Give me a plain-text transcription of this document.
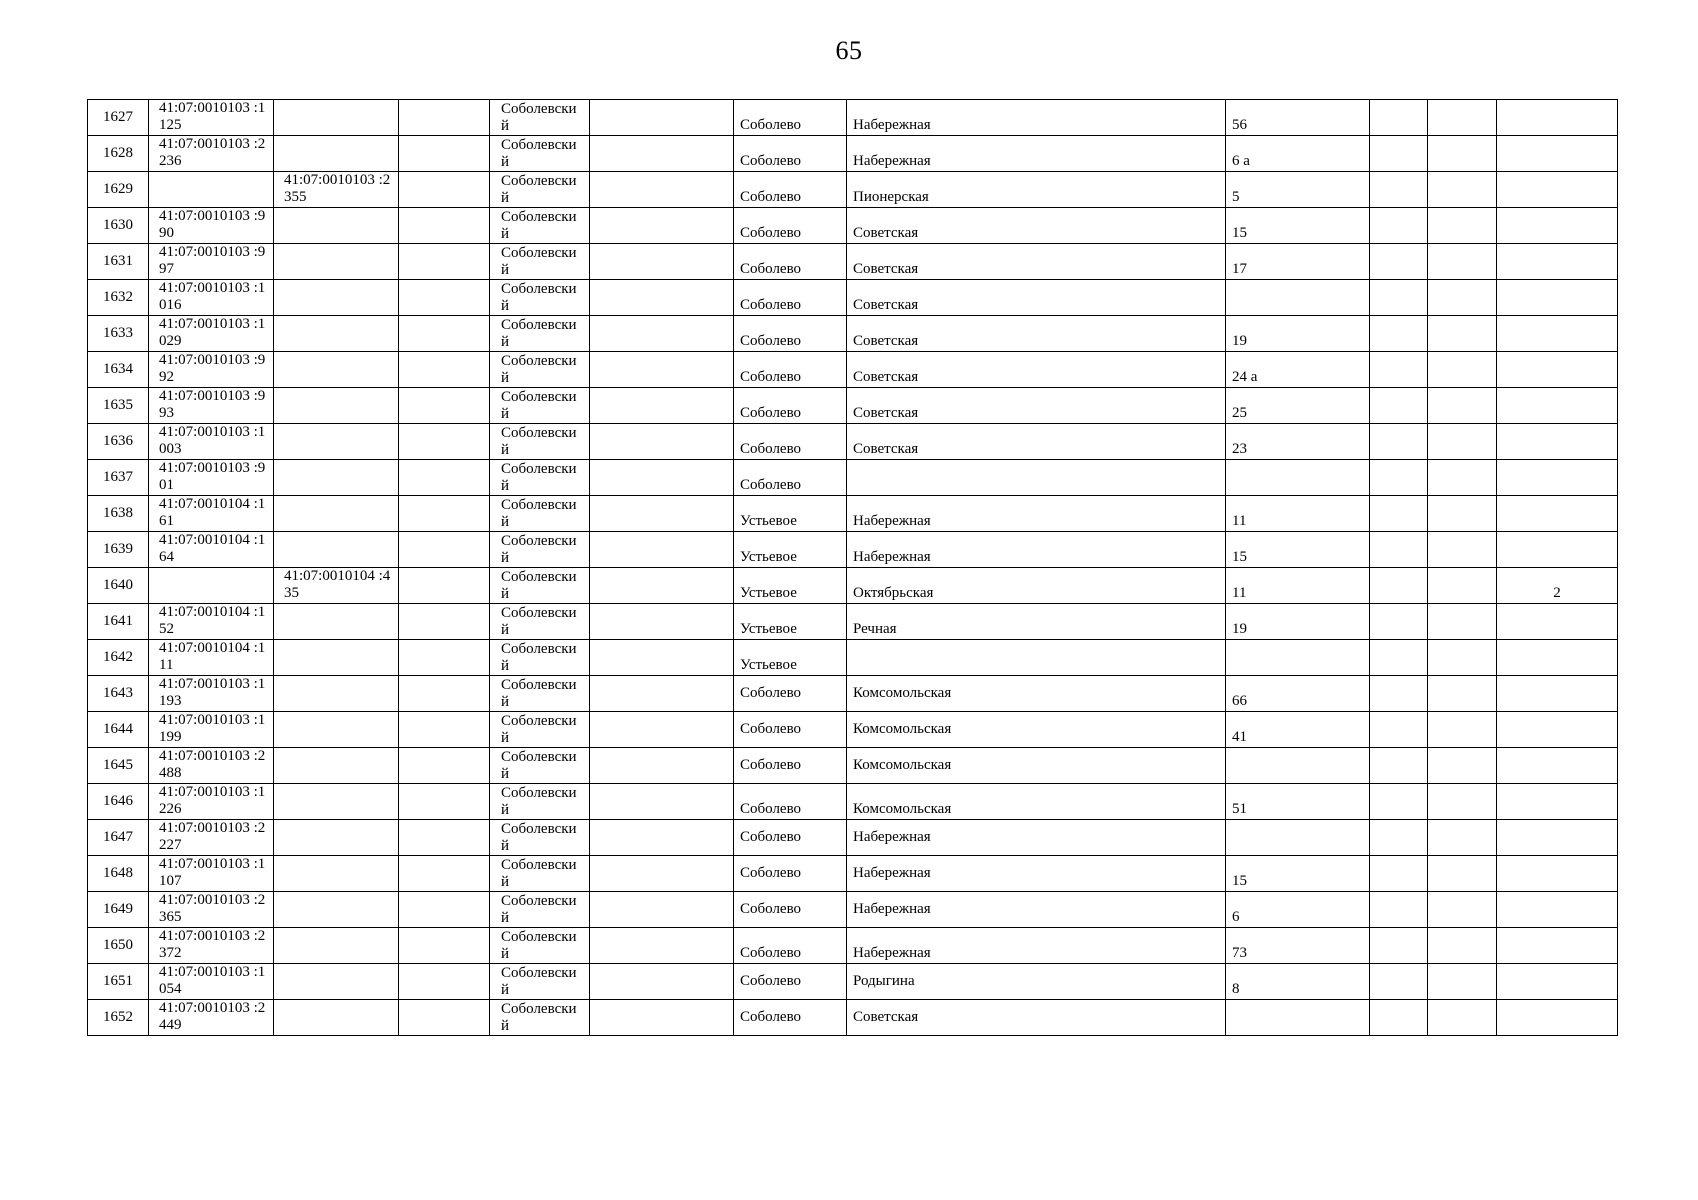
65
1627	41:07:0010103 :1125			Соболевски й		Соболево	Набережная	56			
1628	41:07:0010103 :2236			Соболевски й		Соболево	Набережная	6 а			
1629		41:07:0010103 :2355		Соболевски й		Соболево	Пионерская	5			
1630	41:07:0010103 :990			Соболевски й		Соболево	Советская	15			
1631	41:07:0010103 :997			Соболевски й		Соболево	Советская	17			
1632	41:07:0010103 :1016			Соболевски й		Соболево	Советская				
1633	41:07:0010103 :1029			Соболевски й		Соболево	Советская	19			
1634	41:07:0010103 :992			Соболевски й		Соболево	Советская	24 а			
1635	41:07:0010103 :993			Соболевски й		Соболево	Советская	25			
1636	41:07:0010103 :1003			Соболевски й		Соболево	Советская	23			
1637	41:07:0010103 :901			Соболевски й		Соболево					
1638	41:07:0010104 :161			Соболевски й		Устьевое	Набережная	11			
1639	41:07:0010104 :164			Соболевски й		Устьевое	Набережная	15			
1640		41:07:0010104 :435		Соболевски й		Устьевое	Октябрьская	11			2
1641	41:07:0010104 :152			Соболевски й		Устьевое	Речная	19			
1642	41:07:0010104 :111			Соболевски й		Устьевое					
1643	41:07:0010103 :1193			Соболевски й		Соболево	Комсомольская	66			
1644	41:07:0010103 :1199			Соболевски й		Соболево	Комсомольская	41			
1645	41:07:0010103 :2488			Соболевски й		Соболево	Комсомольская				
1646	41:07:0010103 :1226			Соболевски й		Соболево	Комсомольская	51			
1647	41:07:0010103 :2227			Соболевски й		Соболево	Набережная				
1648	41:07:0010103 :1107			Соболевски й		Соболево	Набережная	15			
1649	41:07:0010103 :2365			Соболевски й		Соболево	Набережная	6			
1650	41:07:0010103 :2372			Соболевски й		Соболево	Набережная	73			
1651	41:07:0010103 :1054			Соболевски й		Соболево	Родыгина	8			
1652	41:07:0010103 :2449			Соболевски й		Соболево	Советская				
